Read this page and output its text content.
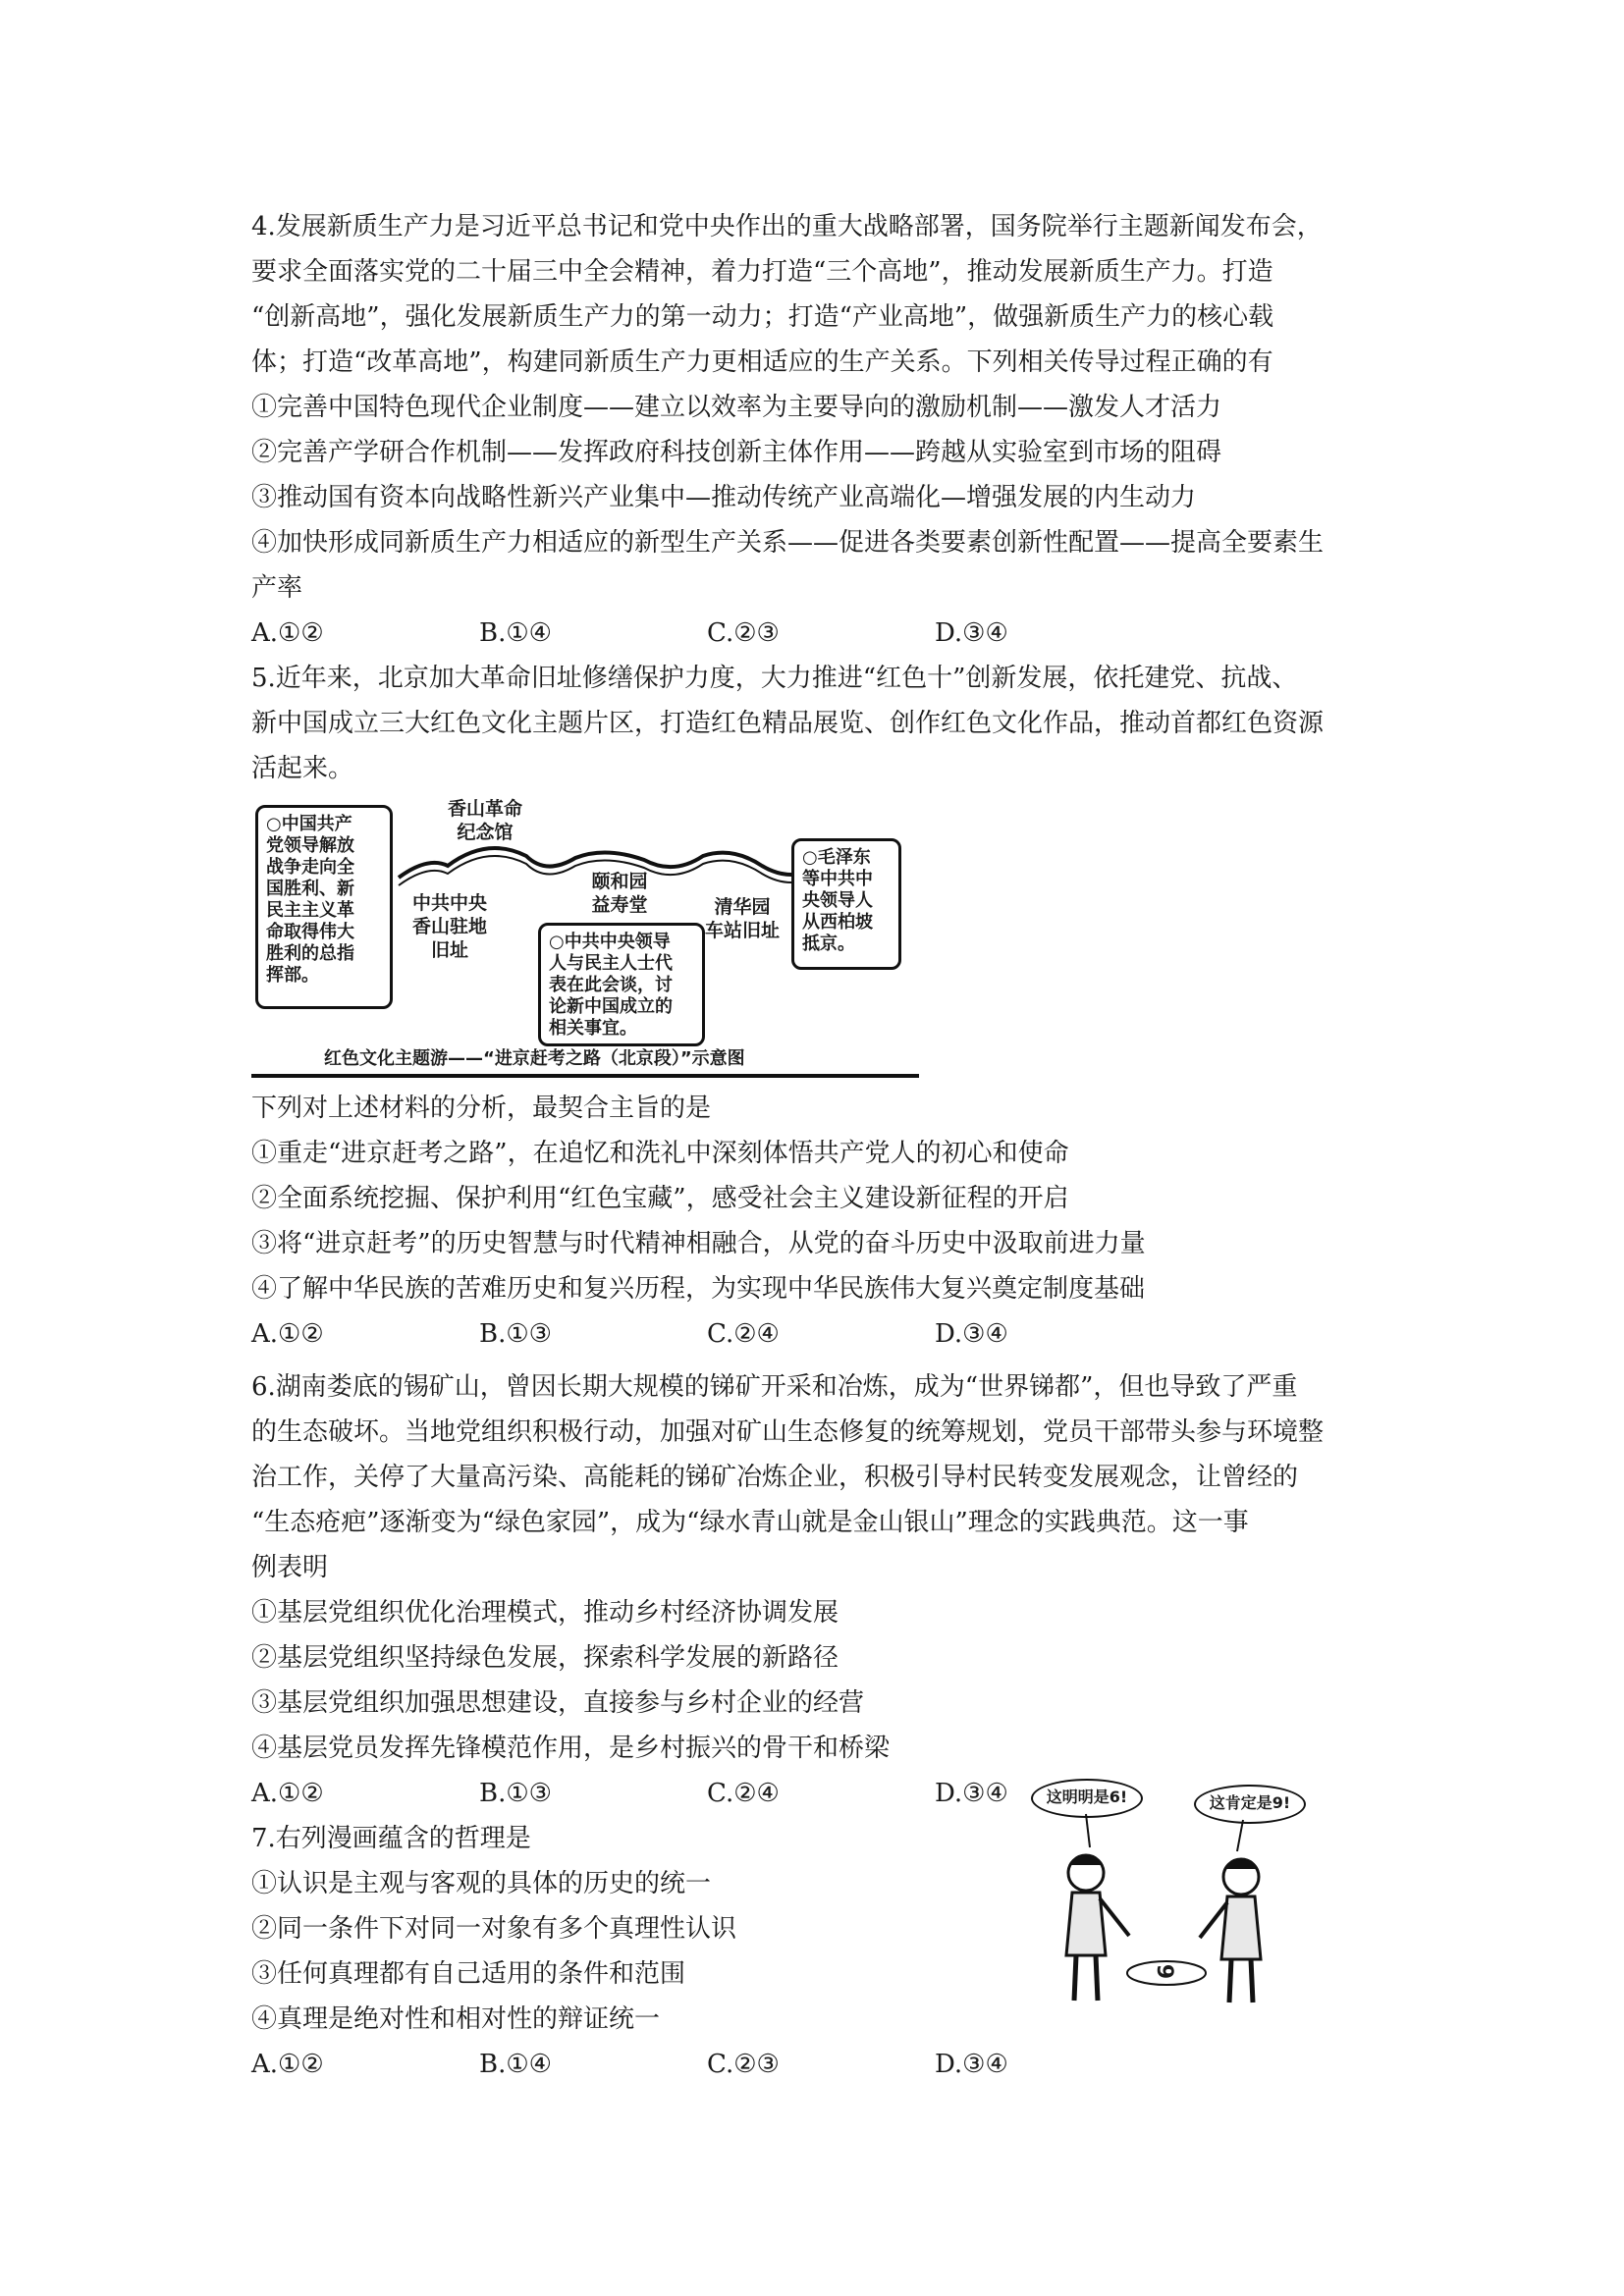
4.发展新质生产力是习近平总书记和党中央作出的重大战略部署，国务院举行主题新闻发布会，
要求全面落实党的二十届三中全会精神，着力打造“三个高地”，推动发展新质生产力。打造
“创新高地”，强化发展新质生产力的第一动力；打造“产业高地”，做强新质生产力的核心载
体；打造“改革高地”，构建同新质生产力更相适应的生产关系。下列相关传导过程正确的有
①完善中国特色现代企业制度——建立以效率为主要导向的激励机制——激发人才活力
②完善产学研合作机制——发挥政府科技创新主体作用——跨越从实验室到市场的阻碍
③推动国有资本向战略性新兴产业集中—推动传统产业高端化—增强发展的内生动力
④加快形成同新质生产力相适应的新型生产关系——促进各类要素创新性配置——提高全要素生
产率
A.①②	B.①④	C.②③	D.③④
5.近年来，北京加大革命旧址修缮保护力度，大力推进“红色十”创新发展，依托建党、抗战、
新中国成立三大红色文化主题片区，打造红色精品展览、创作红色文化作品，推动首都红色资源
活起来。
○中国共产
党领导解放
战争走向全
国胜利、新
民主主义革
命取得伟大
胜利的总指
挥部。
中共中央
香山驻地
旧址
香山革命
纪念馆
颐和园
益寿堂
○中共中央领导
人与民主人士代
表在此会谈，讨
论新中国成立的
相关事宜。
清华园
车站旧址
○毛泽东
等中共中
央领导人
从西柏坡
抵京。
红色文化主题游——“进京赶考之路（北京段）”示意图
下列对上述材料的分析，最契合主旨的是
①重走“进京赶考之路”，在追忆和洗礼中深刻体悟共产党人的初心和使命
②全面系统挖掘、保护利用“红色宝藏”，感受社会主义建设新征程的开启
③将“进京赶考”的历史智慧与时代精神相融合，从党的奋斗历史中汲取前进力量
④了解中华民族的苦难历史和复兴历程，为实现中华民族伟大复兴奠定制度基础
A.①②	B.①③	C.②④	D.③④
6.湖南娄底的锡矿山，曾因长期大规模的锑矿开采和冶炼，成为“世界锑都”，但也导致了严重
的生态破坏。当地党组织积极行动，加强对矿山生态修复的统筹规划，党员干部带头参与环境整
治工作，关停了大量高污染、高能耗的锑矿冶炼企业，积极引导村民转变发展观念，让曾经的
“生态疮疤”逐渐变为“绿色家园”，成为“绿水青山就是金山银山”理念的实践典范。这一事
例表明
①基层党组织优化治理模式，推动乡村经济协调发展
②基层党组织坚持绿色发展，探索科学发展的新路径
③基层党组织加强思想建设，直接参与乡村企业的经营
④基层党员发挥先锋模范作用，是乡村振兴的骨干和桥梁
A.①②	B.①③	C.②④	D.③④
7.右列漫画蕴含的哲理是
①认识是主观与客观的具体的历史的统一
②同一条件下对同一对象有多个真理性认识
③任何真理都有自己适用的条件和范围
④真理是绝对性和相对性的辩证统一
A.①②	B.①④	C.②③	D.③④
这明明是6!	这肯定是9!
9
